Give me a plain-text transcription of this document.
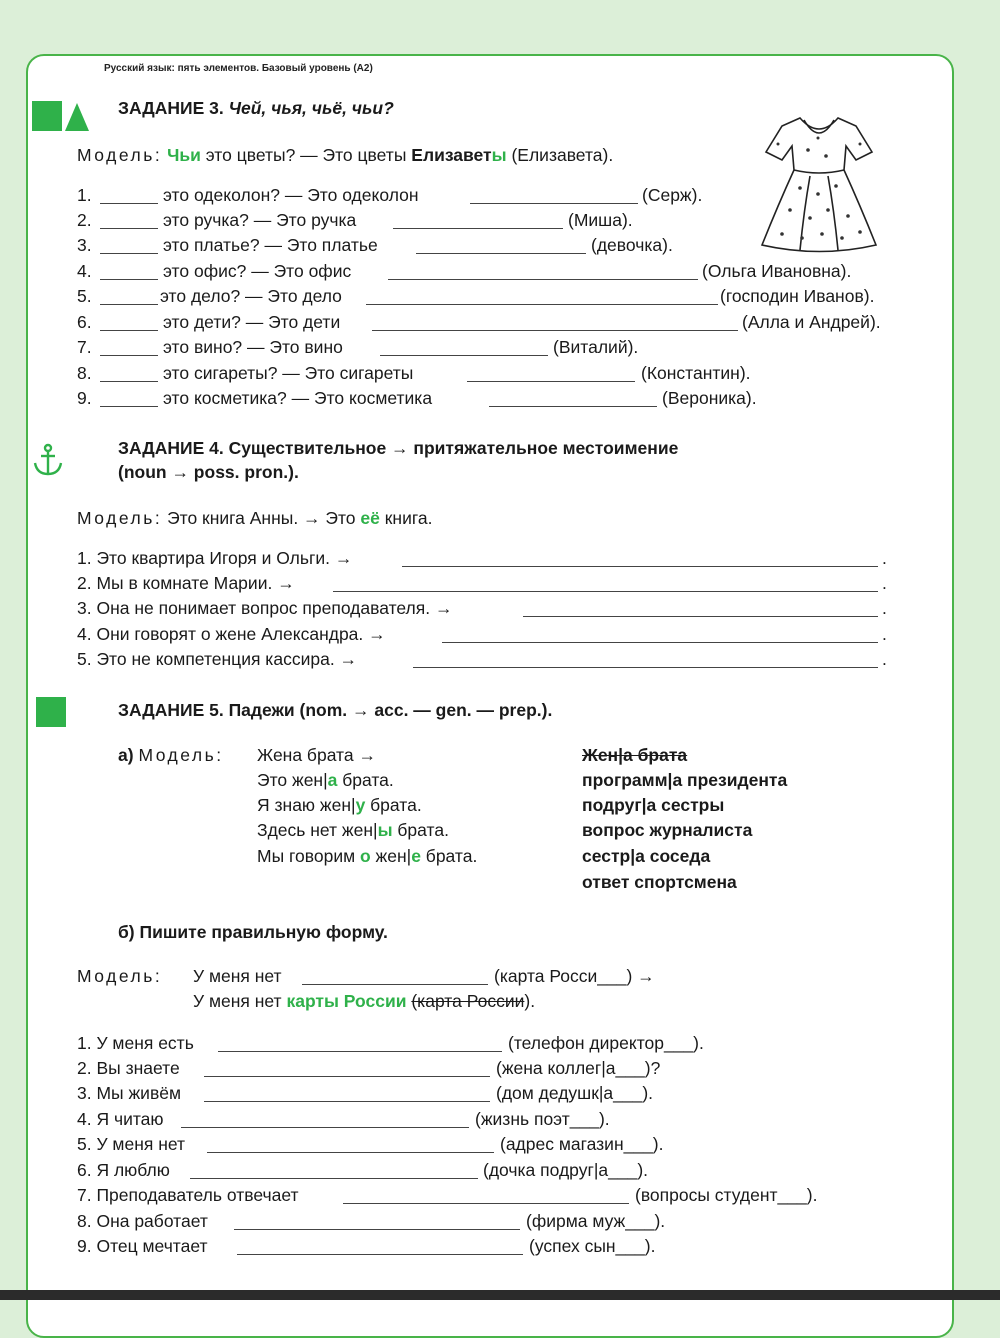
Русский язык: пять элементов. Базовый уровень (А2)
ЗАДАНИЕ 3. Чей, чья, чьё, чьи?
Модель: Чьи это цветы? — Это цветы Елизаветы (Елизавета).
1.	это одеколон? — Это одеколон	(Серж).
2.	это ручка? — Это ручка	(Миша).
3.	это платье? — Это платье	(девочка).
4.	это офис? — Это офис	(Ольга Ивановна).
5.	это дело? — Это дело	(господин Иванов).
6.	это дети? — Это дети	(Алла и Андрей).
7.	это вино? — Это вино	(Виталий).
8.	это сигареты? — Это сигареты	(Константин).
9.	это косметика? — Это косметика	(Вероника).
ЗАДАНИЕ 4. Существительное → притяжательное местоимение
(noun → poss. pron.).
Модель: Это книга Анны. → Это её книга.
1. Это квартира Игоря и Ольги. →	.
2. Мы в комнате Марии. →	.
3. Она не понимает вопрос преподавателя. →	.
4. Они говорят о жене Александра. →	.
5. Это не компетенция кассира. →	.
ЗАДАНИЕ 5. Падежи (nom. → acc. — gen. — prep.).
а) Модель: Жена брата →
Это жен|а брата.
Я знаю жен|у брата.
Здесь нет жен|ы брата.
Мы говорим о жен|е брата.
Жен|а брата
программ|а президента
подруг|а сестры
вопрос журналиста
сестр|а соседа
ответ спортсмена
б) Пишите правильную форму.
Модель: У меня нет	(карта Росси___) →
У меня нет карты России (карта России).
1. У меня есть	(телефон директор___).
2. Вы знаете	(жена коллег|а___)?
3. Мы живём	(дом дедушк|а___).
4. Я читаю	(жизнь поэт___).
5. У меня нет	(адрес магазин___).
6. Я люблю	(дочка подруг|а___).
7. Преподаватель отвечает	(вопросы студент___).
8. Она работает	(фирма муж___).
9. Отец мечтает	(успех сын___).
